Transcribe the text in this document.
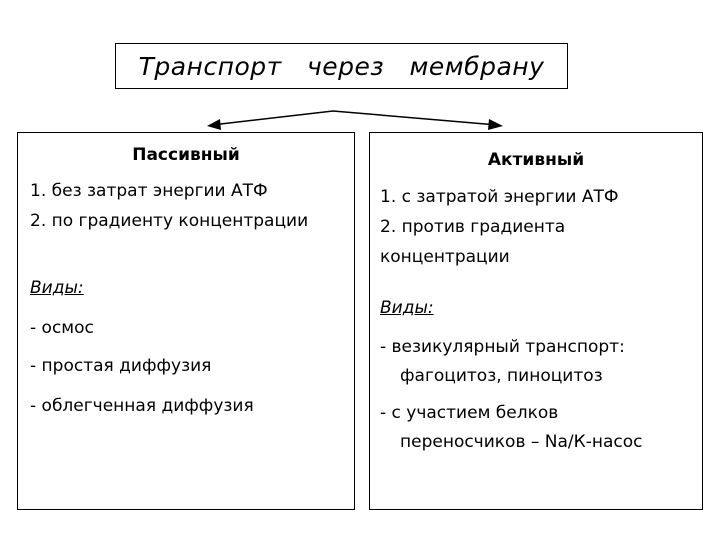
Транспорт   через   мембрану
Пассивный
1. без затрат энергии АТФ
2. по градиенту концентрации
Виды:
- осмос
- простая диффузия
- облегченная диффузия
Активный
1. с затратой энергии АТФ
2. против градиента
концентрации
Виды:
- везикулярный транспорт:
фагоцитоз, пиноцитоз
- с участием белков
переносчиков – Na/К-насос
